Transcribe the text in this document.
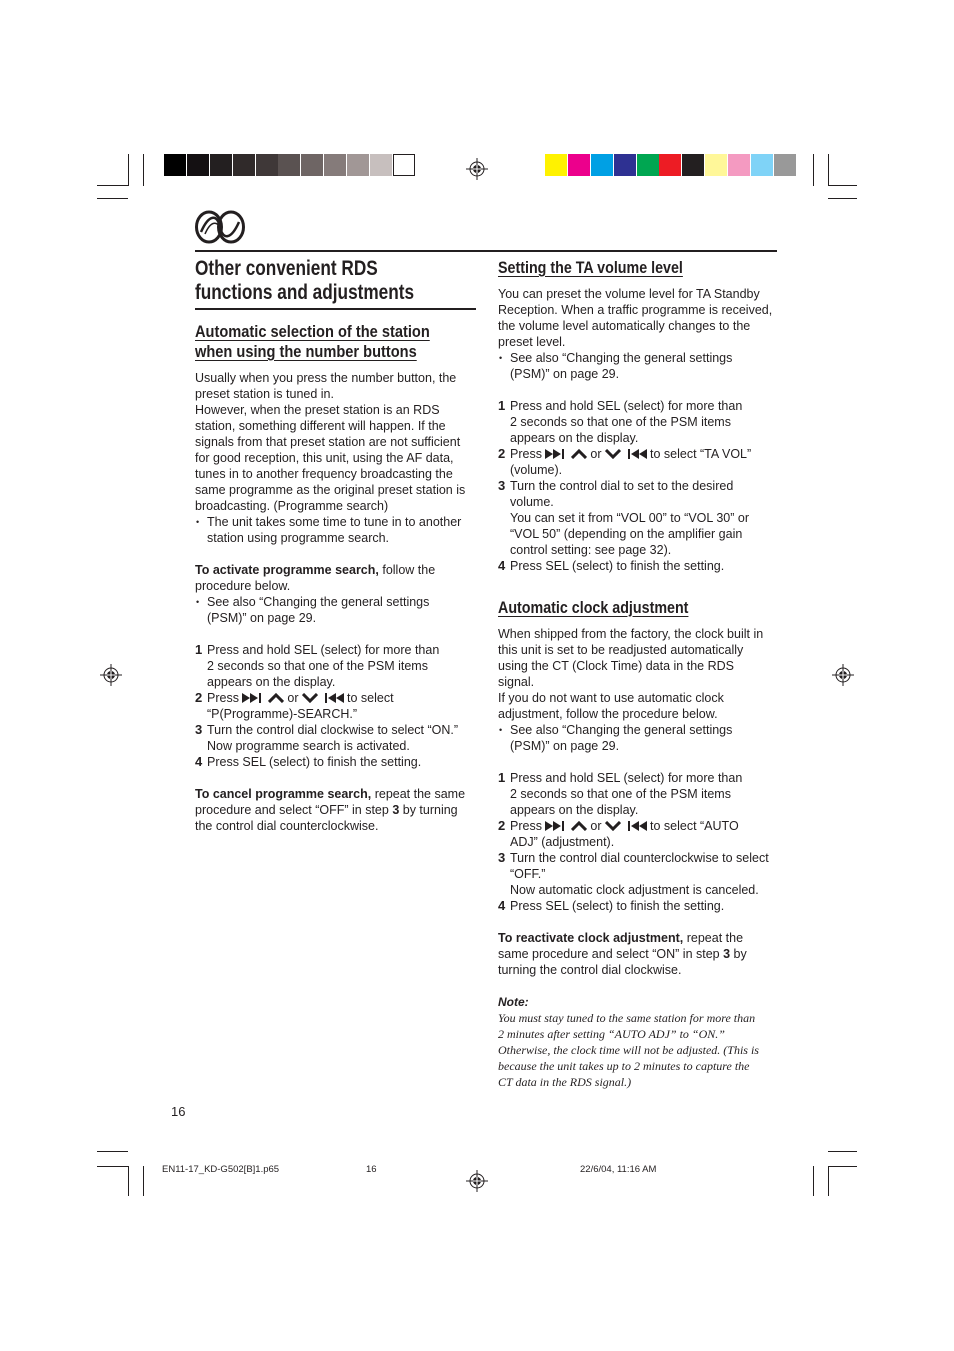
Other convenient RDS
functions and adjustments
Automatic selection of the station
when using the number buttons
Usually when you press the number button, the
preset station is tuned in.
However, when the preset station is an RDS
station, something different will happen. If the
signals from that preset station are not sufficient
for good reception, this unit, using the AF data,
tunes in to another frequency broadcasting the
same programme as the original preset station is
broadcasting. (Programme search)
• The unit takes some time to tune in to another
station using programme search.
To activate programme search, follow the
procedure below.
• See also “Changing the general settings
(PSM)” on page 29.
1 Press and hold SEL (select) for more than
2 seconds so that one of the PSM items
appears on the display.
2 Press	or	to select
“P(Programme)-SEARCH.”
3 Turn the control dial clockwise to select “ON.”
Now programme search is activated.
4 Press SEL (select) to finish the setting.
To cancel programme search, repeat the same
procedure and select “OFF” in step 3 by turning
the control dial counterclockwise.
16
Setting the TA volume level
You can preset the volume level for TA Standby
Reception. When a traffic programme is received,
the volume level automatically changes to the
preset level.
• See also “Changing the general settings
(PSM)” on page 29.
1 Press and hold SEL (select) for more than
2 seconds so that one of the PSM items
appears on the display.
2 Press	or	to select “TA VOL”
(volume).
3 Turn the control dial to set to the desired
volume.
You can set it from “VOL 00” to “VOL 30” or
“VOL 50” (depending on the amplifier gain
control setting: see page 32).
4 Press SEL (select) to finish the setting.
Automatic clock adjustment
When shipped from the factory, the clock built in
this unit is set to be readjusted automatically
using the CT (Clock Time) data in the RDS
signal.
If you do not want to use automatic clock
adjustment, follow the procedure below.
• See also “Changing the general settings
(PSM)” on page 29.
1 Press and hold SEL (select) for more than
2 seconds so that one of the PSM items
appears on the display.
2 Press	or	to select “AUTO
ADJ” (adjustment).
3 Turn the control dial counterclockwise to select
“OFF.”
Now automatic clock adjustment is canceled.
4 Press SEL (select) to finish the setting.
To reactivate clock adjustment, repeat the
same procedure and select “ON” in step 3 by
turning the control dial clockwise.
Note:
You must stay tuned to the same station for more than
2 minutes after setting “AUTO ADJ” to “ON.”
Otherwise, the clock time will not be adjusted. (This is
because the unit takes up to 2 minutes to capture the
CT data in the RDS signal.)
EN11-17_KD-G502[B]1.p65	16	22/6/04, 11:16 AM
